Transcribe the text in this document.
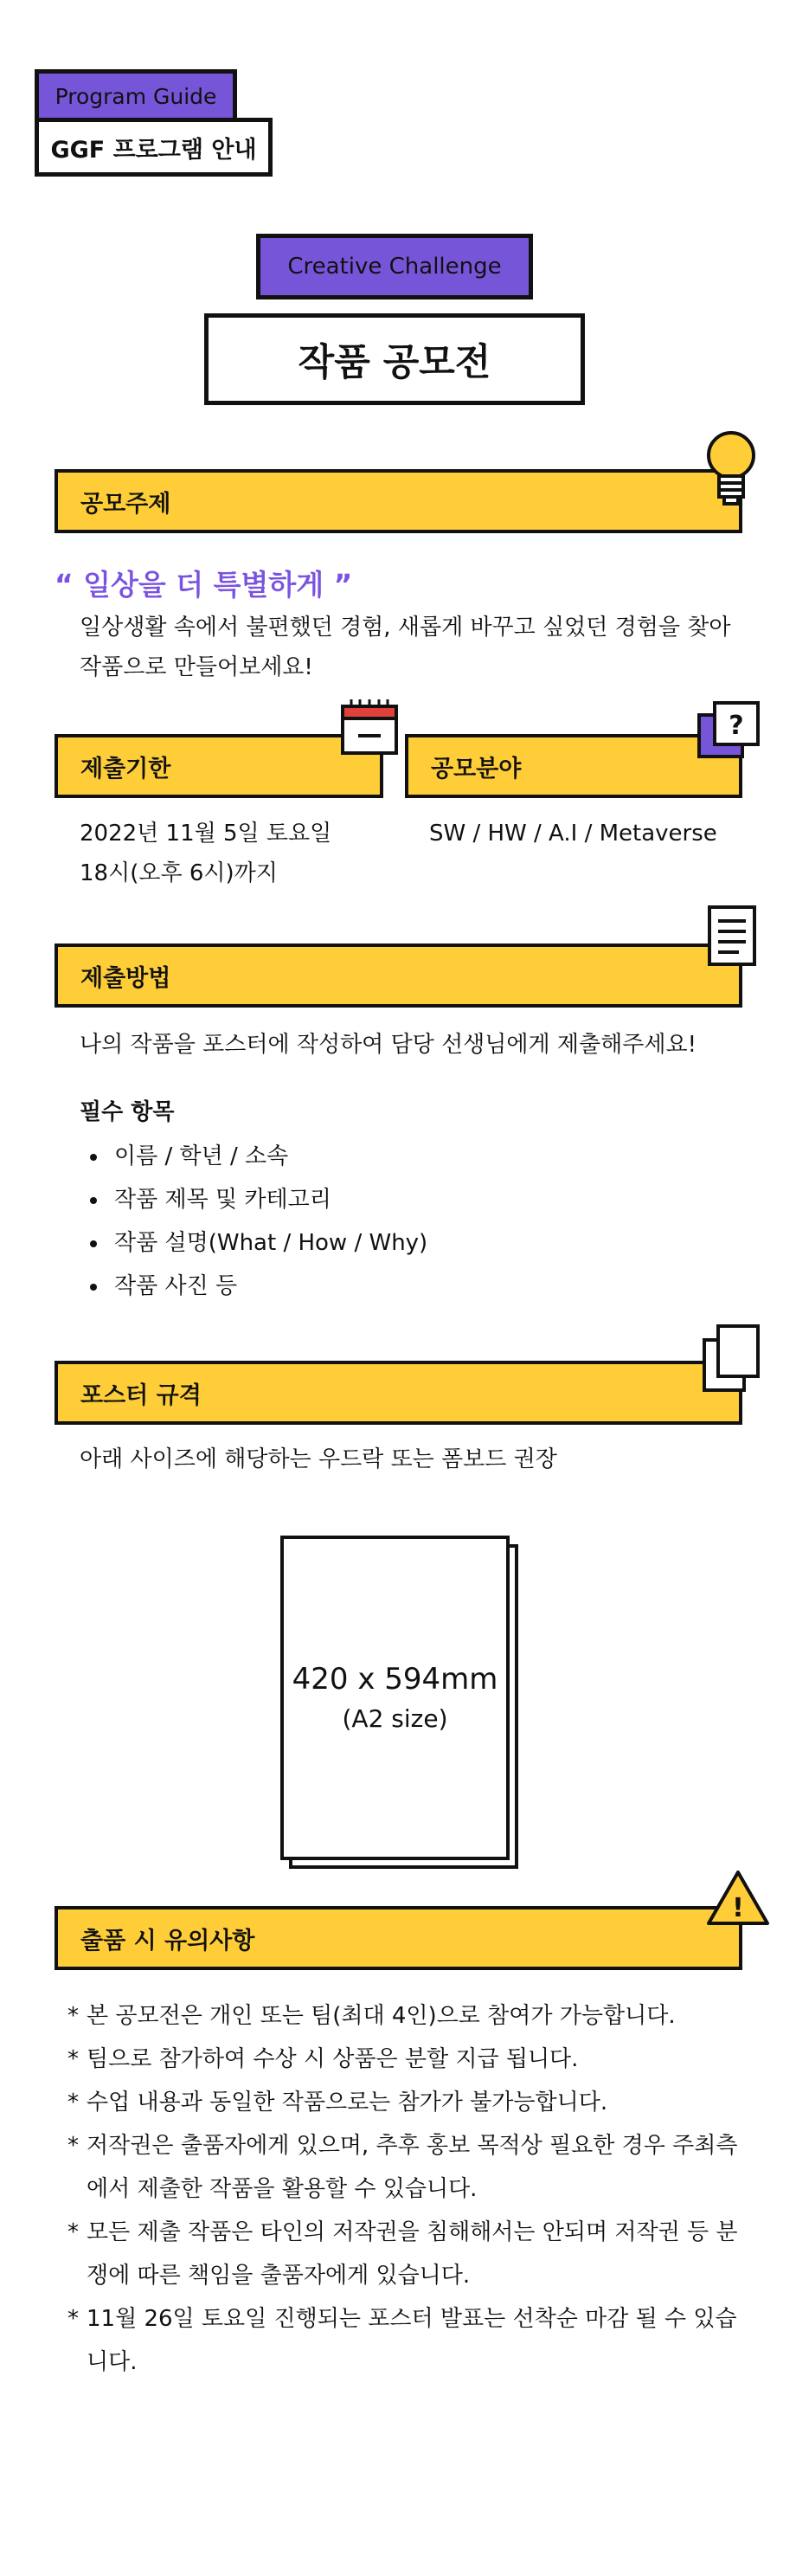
Program Guide
GGF 프로그램 안내
Creative Challenge
작품 공모전
공모주제
“ 일상을 더 특별하게 ”
일상생활 속에서 불편했던 경험, 새롭게 바꾸고 싶었던 경험을 찾아
작품으로 만들어보세요!
제출기한
2022년 11월 5일 토요일
18시(오후 6시)까지
공모분야
?
SW / HW / A.I / Metaverse
제출방법
나의 작품을 포스터에 작성하여 담당 선생님에게 제출해주세요!
필수 항목
이름 / 학년 / 소속
작품 제목 및 카테고리
작품 설명(What / How / Why)
작품 사진 등
포스터 규격
아래 사이즈에 해당하는 우드락 또는 폼보드 권장
420 x 594mm
(A2 size)
출품 시 유의사항
!
* 본 공모전은 개인 또는 팀(최대 4인)으로 참여가 가능합니다.
* 팀으로 참가하여 수상 시 상품은 분할 지급 됩니다.
* 수업 내용과 동일한 작품으로는 참가가 불가능합니다.
* 저작권은 출품자에게 있으며, 추후 홍보 목적상 필요한 경우 주최측에서 제출한 작품을 활용할 수 있습니다.
* 모든 제출 작품은 타인의 저작권을 침해해서는 안되며 저작권 등 분쟁에 따른 책임을 출품자에게 있습니다.
* 11월 26일 토요일 진행되는 포스터 발표는 선착순 마감 될 수 있습니다.
